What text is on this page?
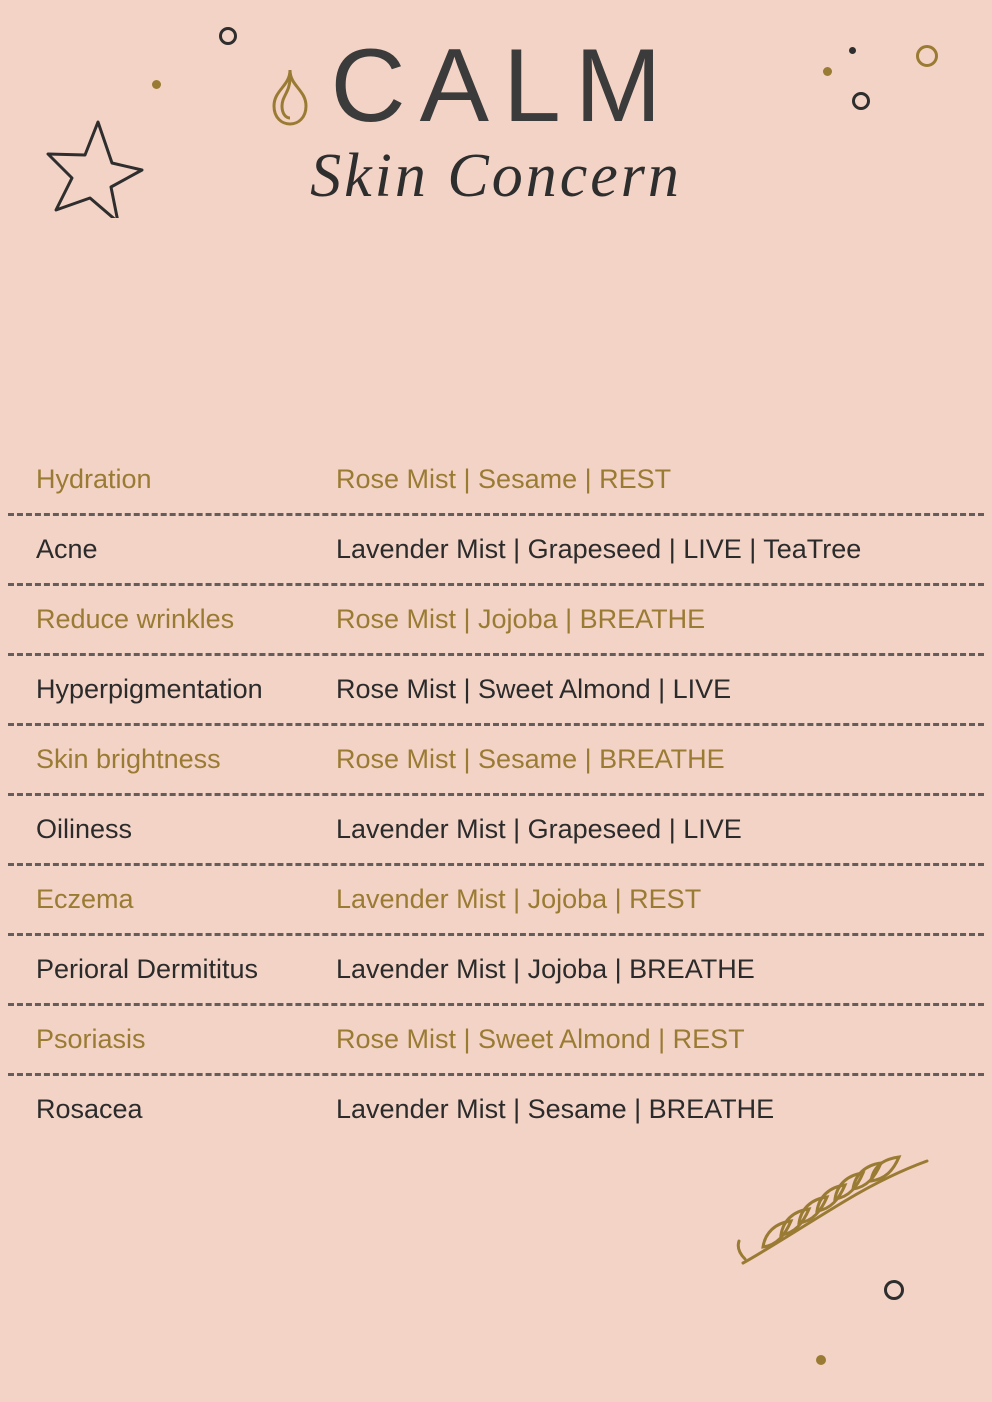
CALM
Skin Concern
Hydration	Rose Mist | Sesame | REST
Acne	Lavender Mist | Grapeseed | LIVE | TeaTree
Reduce wrinkles	Rose Mist | Jojoba | BREATHE
Hyperpigmentation	Rose Mist | Sweet Almond | LIVE
Skin brightness	Rose Mist | Sesame | BREATHE
Oiliness	Lavender Mist | Grapeseed | LIVE
Eczema	Lavender Mist | Jojoba | REST
Perioral Dermititus	Lavender Mist | Jojoba | BREATHE
Psoriasis	Rose Mist | Sweet Almond | REST
Rosacea	Lavender Mist | Sesame | BREATHE
